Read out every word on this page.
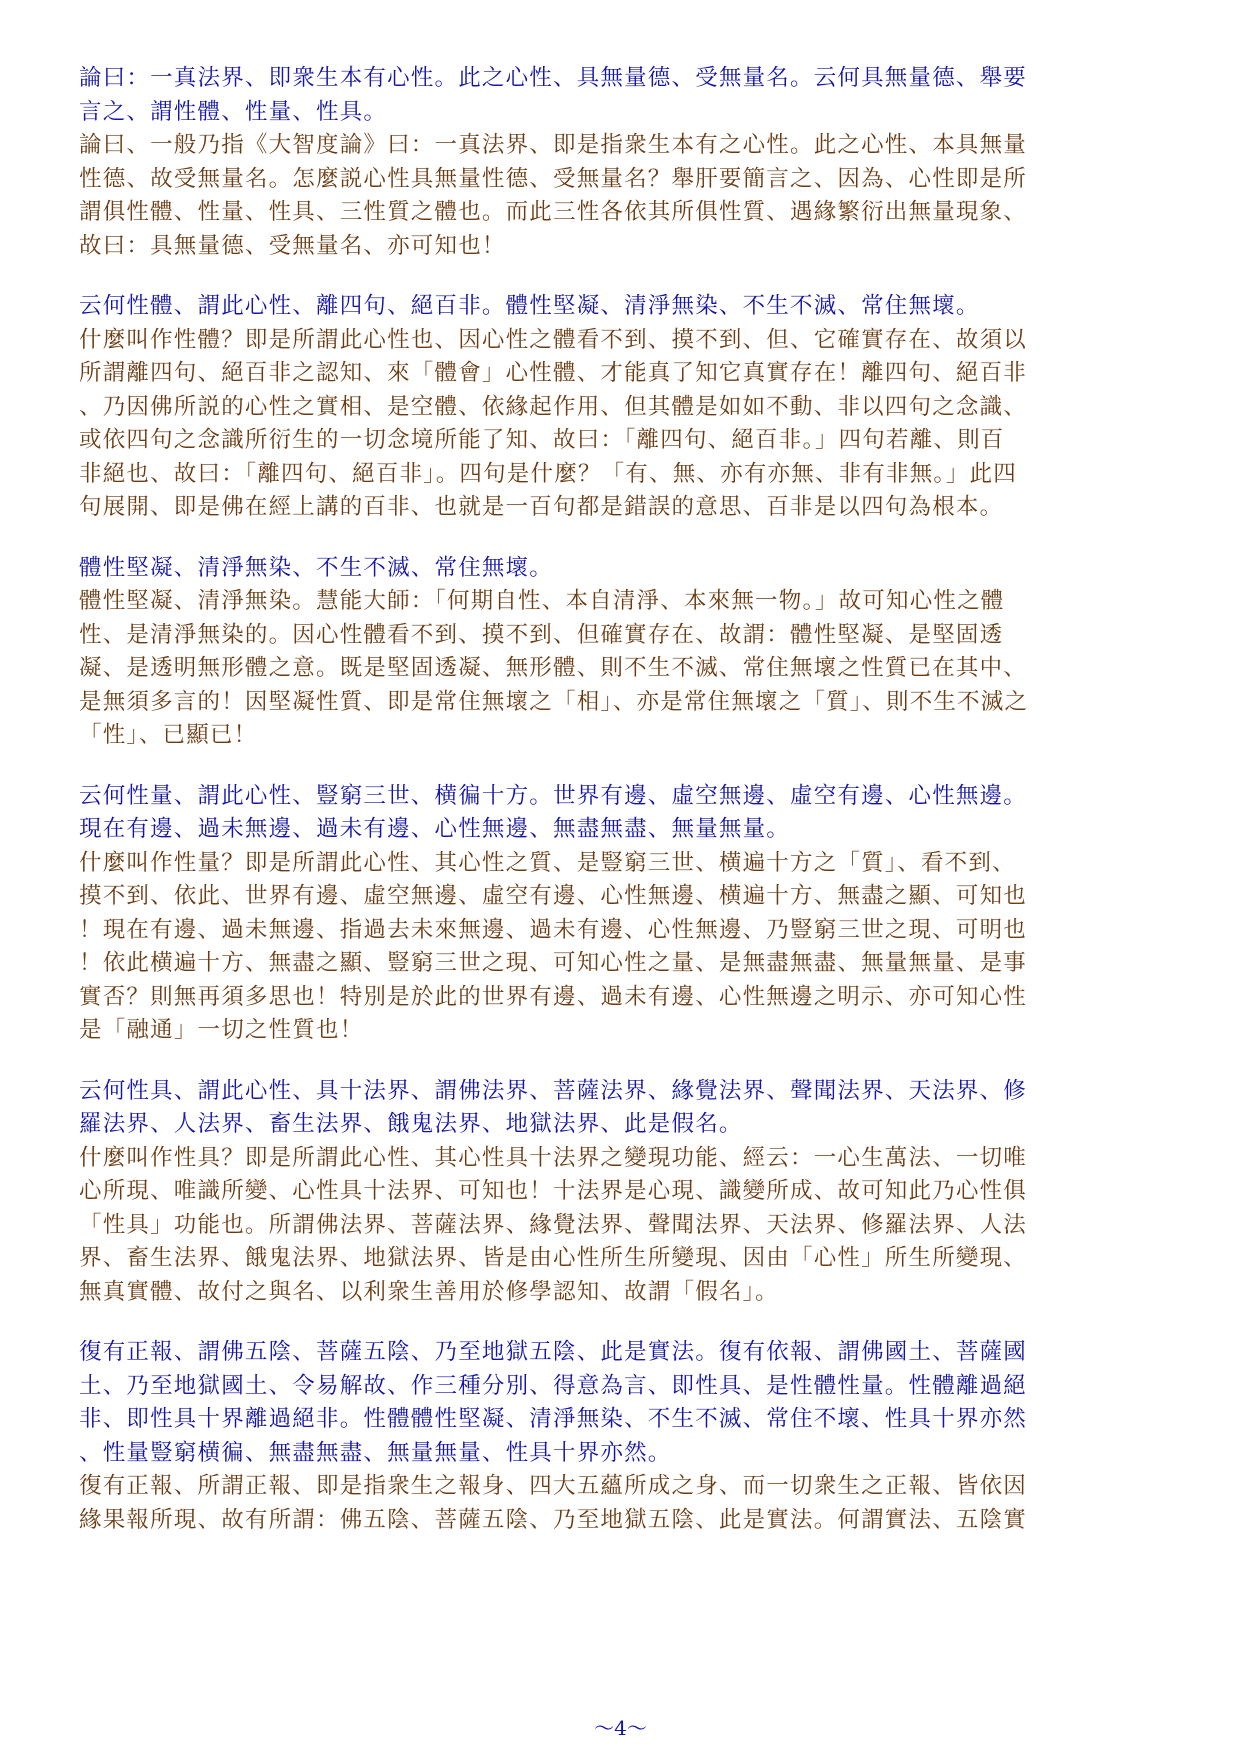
論曰：一真法界、即衆生本有心性。此之心性、具無量德、受無量名。云何具無量德、舉要
言之、謂性體、性量、性具。
論曰、一般乃指《大智度論》曰：一真法界、即是指衆生本有之心性。此之心性、本具無量
性德、故受無量名。怎麼説心性具無量性德、受無量名？舉肝要簡言之、因為、心性即是所
謂俱性體、性量、性具、三性質之體也。而此三性各依其所俱性質、遇緣繁衍出無量現象、
故曰：具無量德、受無量名、亦可知也！
云何性體、謂此心性、離四句、絕百非。體性堅凝、清淨無染、不生不滅、常住無壞。
什麼叫作性體？即是所謂此心性也、因心性之體看不到、摸不到、但、它確實存在、故須以
所謂離四句、絕百非之認知、來「體會」心性體、才能真了知它真實存在！離四句、絕百非
、乃因佛所説的心性之實相、是空體、依緣起作用、但其體是如如不動、非以四句之念識、
或依四句之念識所衍生的一切念境所能了知、故曰：「離四句、絕百非。」四句若離、則百
非絕也、故曰：「離四句、絕百非」。四句是什麼？「有、無、亦有亦無、非有非無。」此四
句展開、即是佛在經上講的百非、也就是一百句都是錯誤的意思、百非是以四句為根本。
體性堅凝、清淨無染、不生不滅、常住無壞。
體性堅凝、清淨無染。慧能大師：「何期自性、本自清淨、本來無一物。」故可知心性之體
性、是清淨無染的。因心性體看不到、摸不到、但確實存在、故謂：體性堅凝、是堅固透
凝、是透明無形體之意。既是堅固透凝、無形體、則不生不滅、常住無壞之性質已在其中、
是無須多言的！因堅凝性質、即是常住無壞之「相」、亦是常住無壞之「質」、則不生不滅之
「性」、已顯已！
云何性量、謂此心性、豎窮三世、横徧十方。世界有邊、虛空無邊、虛空有邊、心性無邊。
現在有邊、過未無邊、過未有邊、心性無邊、無盡無盡、無量無量。
什麼叫作性量？即是所謂此心性、其心性之質、是豎窮三世、横遍十方之「質」、看不到、
摸不到、依此、世界有邊、虛空無邊、虛空有邊、心性無邊、横遍十方、無盡之顯、可知也
！現在有邊、過未無邊、指過去未來無邊、過未有邊、心性無邊、乃豎窮三世之現、可明也
！依此横遍十方、無盡之顯、豎窮三世之現、可知心性之量、是無盡無盡、無量無量、是事
實否？則無再須多思也！特別是於此的世界有邊、過未有邊、心性無邊之明示、亦可知心性
是「融通」一切之性質也！
云何性具、謂此心性、具十法界、謂佛法界、菩薩法界、緣覺法界、聲聞法界、天法界、修
羅法界、人法界、畜生法界、餓鬼法界、地獄法界、此是假名。
什麼叫作性具？即是所謂此心性、其心性具十法界之變現功能、經云：一心生萬法、一切唯
心所現、唯識所變、心性具十法界、可知也！十法界是心現、識變所成、故可知此乃心性俱
「性具」功能也。所謂佛法界、菩薩法界、緣覺法界、聲聞法界、天法界、修羅法界、人法
界、畜生法界、餓鬼法界、地獄法界、皆是由心性所生所變現、因由「心性」所生所變現、
無真實體、故付之與名、以利衆生善用於修學認知、故謂「假名」。
復有正報、謂佛五陰、菩薩五陰、乃至地獄五陰、此是實法。復有依報、謂佛國土、菩薩國
土、乃至地獄國土、令易解故、作三種分別、得意為言、即性具、是性體性量。性體離過絕
非、即性具十界離過絕非。性體體性堅凝、清淨無染、不生不滅、常住不壞、性具十界亦然
、性量豎窮横徧、無盡無盡、無量無量、性具十界亦然。
復有正報、所謂正報、即是指衆生之報身、四大五蘊所成之身、而一切衆生之正報、皆依因
緣果報所現、故有所謂：佛五陰、菩薩五陰、乃至地獄五陰、此是實法。何謂實法、五陰實
～4～
